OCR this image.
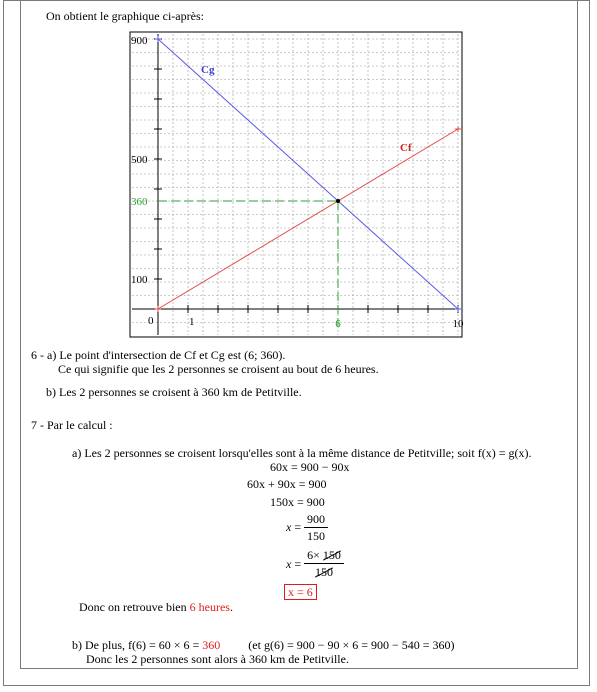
On obtient le graphique ci-après:
900
500
360
100
0	1	6	10
Cg
Cf
6 - a) Le point d'intersection de Cf et Cg est (6; 360).
Ce qui signifie que les 2 personnes se croisent au bout de 6 heures.
b) Les 2 personnes se croisent à 360 km de Petitville.
7 - Par le calcul :
a) Les 2 personnes se croisent lorsqu'elles sont à la même distance de Petitville; soit f(x) = g(x).
60x = 900 − 90x
60x + 90x = 900
150x = 900
x =
900
150
x =
6× 150
150
x = 6
Donc on retrouve bien 6 heures.
b) De plus, f(6) = 60 × 6 = 360 (et g(6) = 900 − 90 × 6 = 900 − 540 = 360)
Donc les 2 personnes sont alors à 360 km de Petitville.
